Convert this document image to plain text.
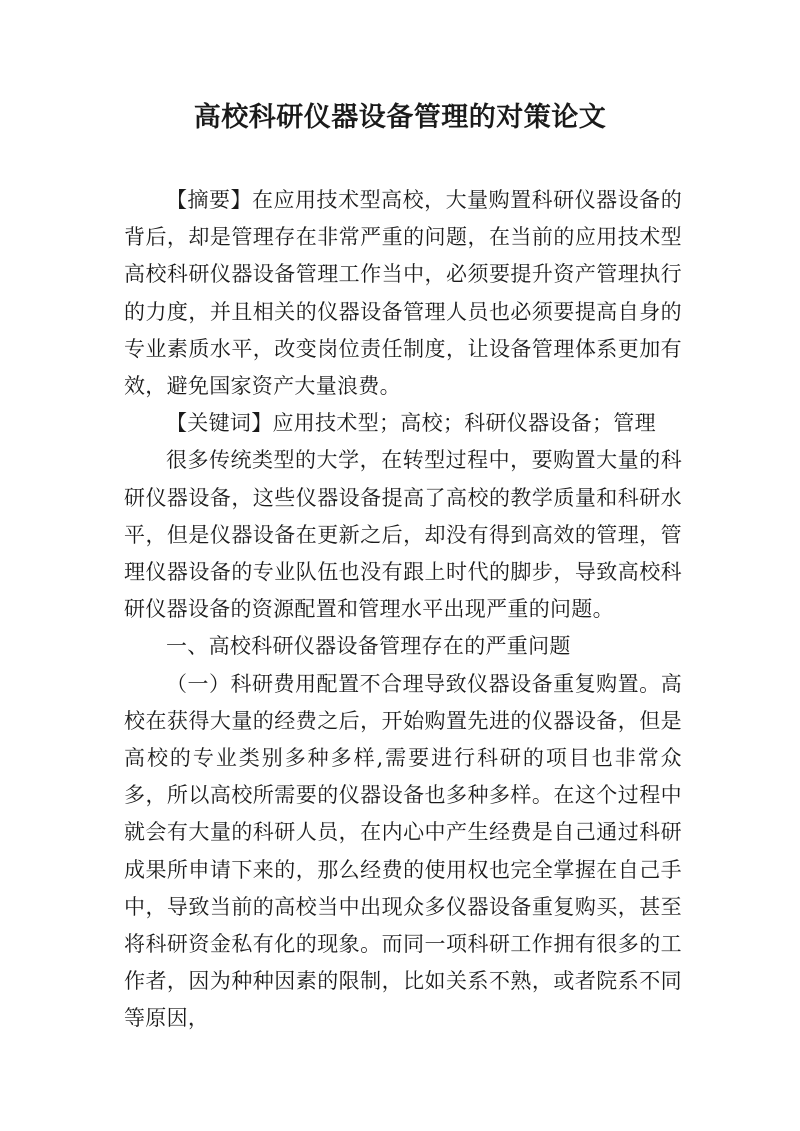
高校科研仪器设备管理的对策论文

【摘要】在应用技术型高校，大量购置科研仪器设备的背后，却是管理存在非常严重的问题，在当前的应用技术型高校科研仪器设备管理工作当中，必须要提升资产管理执行的力度，并且相关的仪器设备管理人员也必须要提高自身的专业素质水平，改变岗位责任制度，让设备管理体系更加有效，避免国家资产大量浪费。

【关键词】应用技术型；高校；科研仪器设备；管理

很多传统类型的大学，在转型过程中，要购置大量的科研仪器设备，这些仪器设备提高了高校的教学质量和科研水平，但是仪器设备在更新之后，却没有得到高效的管理，管理仪器设备的专业队伍也没有跟上时代的脚步，导致高校科研仪器设备的资源配置和管理水平出现严重的问题。

一、高校科研仪器设备管理存在的严重问题

（一）科研费用配置不合理导致仪器设备重复购置。高校在获得大量的经费之后，开始购置先进的仪器设备，但是高校的专业类别多种多样,需要进行科研的项目也非常众多，所以高校所需要的仪器设备也多种多样。在这个过程中就会有大量的科研人员，在内心中产生经费是自己通过科研成果所申请下来的，那么经费的使用权也完全掌握在自己手中，导致当前的高校当中出现众多仪器设备重复购买，甚至将科研资金私有化的现象。而同一项科研工作拥有很多的工作者，因为种种因素的限制，比如关系不熟，或者院系不同等原因，
